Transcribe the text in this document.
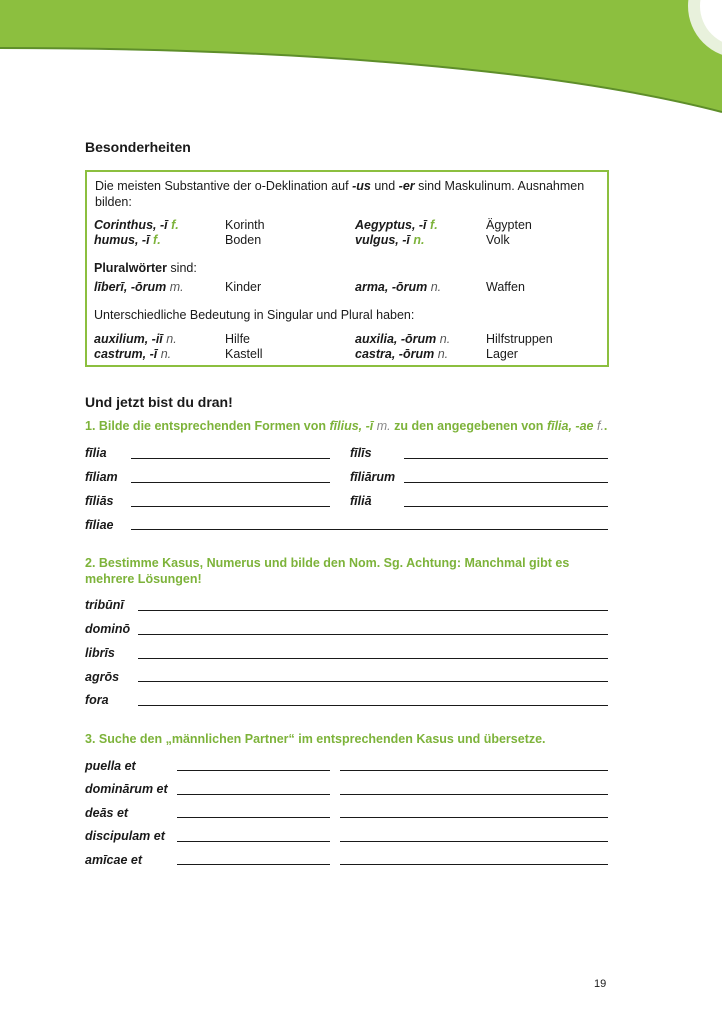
Besonderheiten
Die meisten Substantive der o-Deklination auf -us und -er sind Maskulinum. Ausnahmen bilden:
Corinthus, -ī f.	Korinth	Aegyptus, -ī f.	Ägypten
humus, -ī f.	Boden	vulgus, -ī n.	Volk
Pluralwörter sind:
līberī, -ōrum m.	Kinder	arma, -ōrum n.	Waffen
Unterschiedliche Bedeutung in Singular und Plural haben:
auxilium, -iī n.	Hilfe	auxilia, -ōrum n.	Hilfstruppen
castrum, -ī n.	Kastell	castra, -ōrum n.	Lager
Und jetzt bist du dran!
1. Bilde die entsprechenden Formen von fīlius, -ī m. zu den angegebenen von fīlia, -ae f..
fīlia	fīlīs
fīliam	fīliārum
fīliās	fīliā
fīliae
2. Bestimme Kasus, Numerus und bilde den Nom. Sg. Achtung: Manchmal gibt es mehrere Lösungen!
tribūnī
dominō
librīs
agrōs
fora
3. Suche den „männlichen Partner“ im entsprechenden Kasus und übersetze.
puella et
dominārum et
deās et
discipulam et
amīcae et
19
